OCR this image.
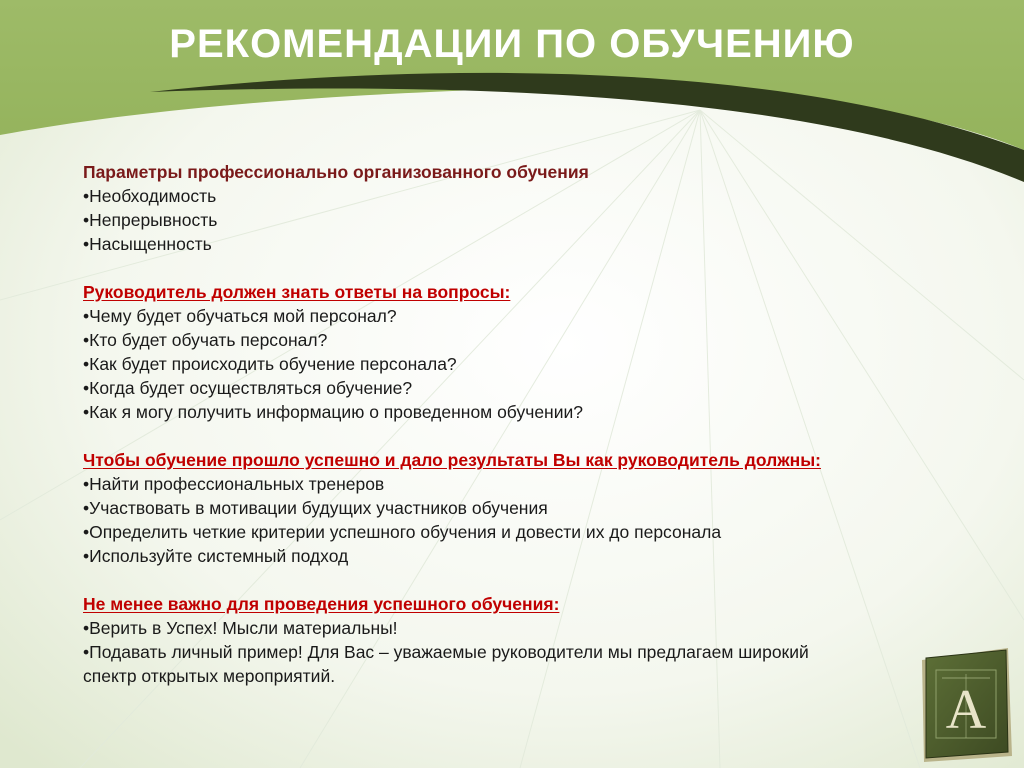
РЕКОМЕНДАЦИИ ПО ОБУЧЕНИЮ
Параметры профессионально организованного обучения
•Необходимость
•Непрерывность
•Насыщенность
Руководитель должен знать ответы на вопросы:
•Чему будет обучаться мой персонал?
•Кто будет обучать персонал?
•Как будет происходить обучение персонала?
•Когда будет осуществляться обучение?
•Как я могу получить информацию о проведенном обучении?
Чтобы обучение прошло успешно и дало результаты Вы как руководитель должны:
•Найти профессиональных тренеров
•Участвовать в мотивации будущих участников обучения
•Определить четкие критерии успешного обучения и довести их до персонала
•Используйте системный подход
Не менее важно для проведения успешного обучения:
•Верить в Успех! Мысли материальны!
•Подавать личный пример! Для Вас – уважаемые руководители мы предлагаем широкий спектр открытых мероприятий.
A
